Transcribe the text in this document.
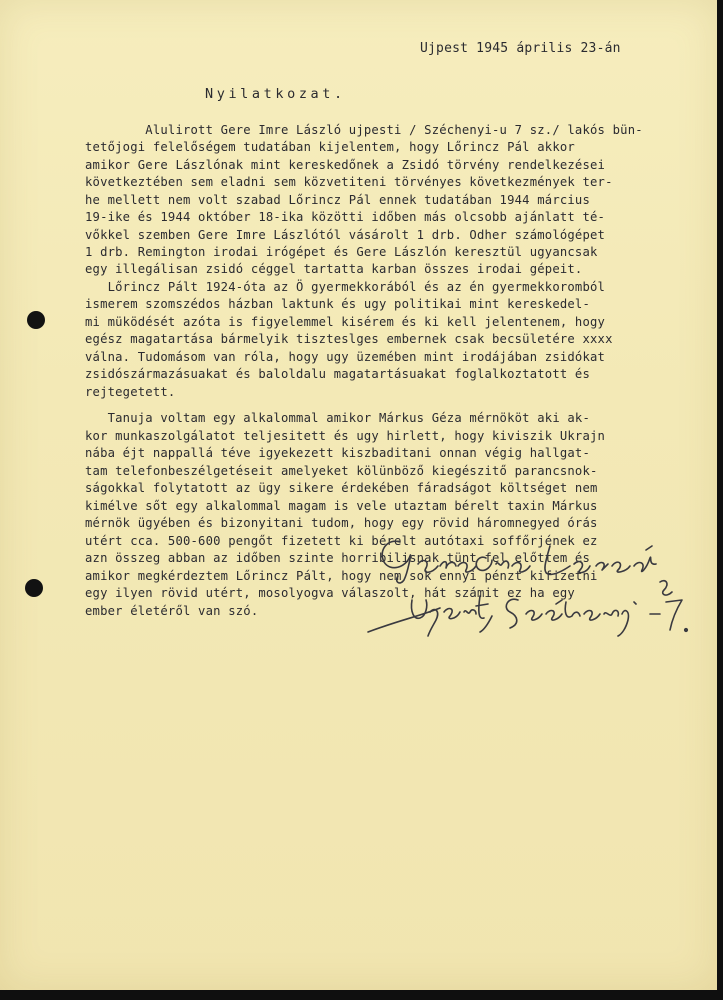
Ujpest 1945 április 23-án
Nyilatkozat.
Alulirott Gere Imre László ujpesti / Széchenyi-u 7 sz./ lakós bün-
tetőjogi felelőségem tudatában kijelentem, hogy Lőrincz Pál akkor
amikor Gere Lászlónak mint kereskedőnek a Zsidó törvény rendelkezései
következtében sem eladni sem közvetiteni törvényes következmények ter-
he mellett nem volt szabad Lőrincz Pál ennek tudatában 1944 március
19-ike és 1944 október 18-ika közötti időben más olcsobb ajánlatt té-
vőkkel szemben Gere Imre Lászlótól vásárolt 1 drb. Odher számológépet
1 drb. Remington irodai irógépet és Gere Lászlón keresztül ugyancsak
egy illegálisan zsidó céggel tartatta karban összes irodai gépeit.
Lőrincz Pált 1924-óta az Ö gyermekkorából és az én gyermekkoromból
ismerem szomszédos házban laktunk és ugy politikai mint kereskedel-
mi müködését azóta is figyelemmel kisérem és ki kell jelentenem, hogy
egész magatartása bármelyik tiszteslges embernek csak becsületére xxxx
válna. Tudomásom van róla, hogy ugy üzemében mint irodájában zsidókat
zsidószármazásuakat és baloldalu magatartásuakat foglalkoztatott és
rejtegetett.
Tanuja voltam egy alkalommal amikor Márkus Géza mérnököt aki ak-
kor munkaszolgálatot teljesitett és ugy hirlett, hogy kiviszik Ukrajn
nába éjt nappallá téve igyekezett kiszbaditani onnan végig hallgat-
tam telefonbeszélgetéseit amelyeket kölünböző kiegészitő parancsnok-
ságokkal folytatott az ügy sikere érdekében fáradságot költséget nem
kimélve sőt egy alkalommal magam is vele utaztam bérelt taxin Márkus
mérnök ügyében és bizonyitani tudom, hogy egy rövid háromnegyed órás
utért cca. 500-600 pengőt fizetett ki bérelt autótaxi soffőrjének ez
azn összeg abban az időben szinte horribilisnak tünt fel előttem és
amikor megkérdeztem Lőrincz Pált, hogy nem sok ennyi pénzt kifizetni
egy ilyen rövid utért, mosolyogva válaszolt, hát számit ez ha egy
ember életéről van szó.
